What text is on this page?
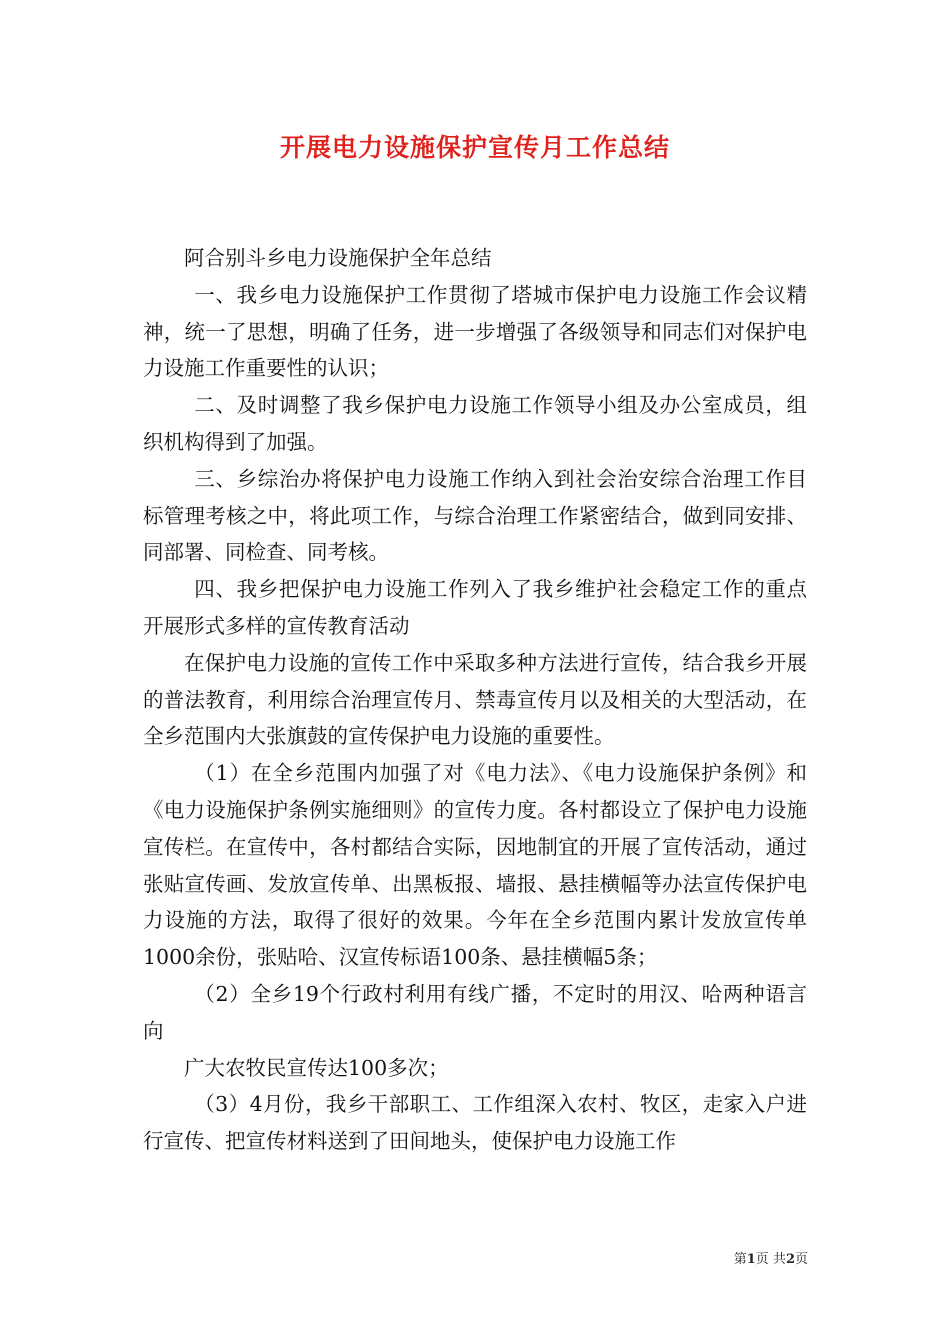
开展电力设施保护宣传月工作总结

阿合别斗乡电力设施保护全年总结

一、我乡电力设施保护工作贯彻了塔城市保护电力设施工作会议精神，统一了思想，明确了任务，进一步增强了各级领导和同志们对保护电力设施工作重要性的认识；

二、及时调整了我乡保护电力设施工作领导小组及办公室成员，组织机构得到了加强。

三、乡综治办将保护电力设施工作纳入到社会治安综合治理工作目标管理考核之中，将此项工作，与综合治理工作紧密结合，做到同安排、同部署、同检查、同考核。

四、我乡把保护电力设施工作列入了我乡维护社会稳定工作的重点开展形式多样的宣传教育活动

在保护电力设施的宣传工作中采取多种方法进行宣传，结合我乡开展的普法教育，利用综合治理宣传月、禁毒宣传月以及相关的大型活动，在全乡范围内大张旗鼓的宣传保护电力设施的重要性。

（1）在全乡范围内加强了对《电力法》、《电力设施保护条例》和《电力设施保护条例实施细则》的宣传力度。各村都设立了保护电力设施宣传栏。在宣传中，各村都结合实际，因地制宜的开展了宣传活动，通过张贴宣传画、发放宣传单、出黑板报、墙报、悬挂横幅等办法宣传保护电力设施的方法，取得了很好的效果。今年在全乡范围内累计发放宣传单1000余份，张贴哈、汉宣传标语100条、悬挂横幅5条；

（2）全乡19个行政村利用有线广播，不定时的用汉、哈两种语言向

广大农牧民宣传达100多次；

（3）4月份，我乡干部职工、工作组深入农村、牧区，走家入户进行宣传、把宣传材料送到了田间地头，使保护电力设施工作

第1页 共2页
